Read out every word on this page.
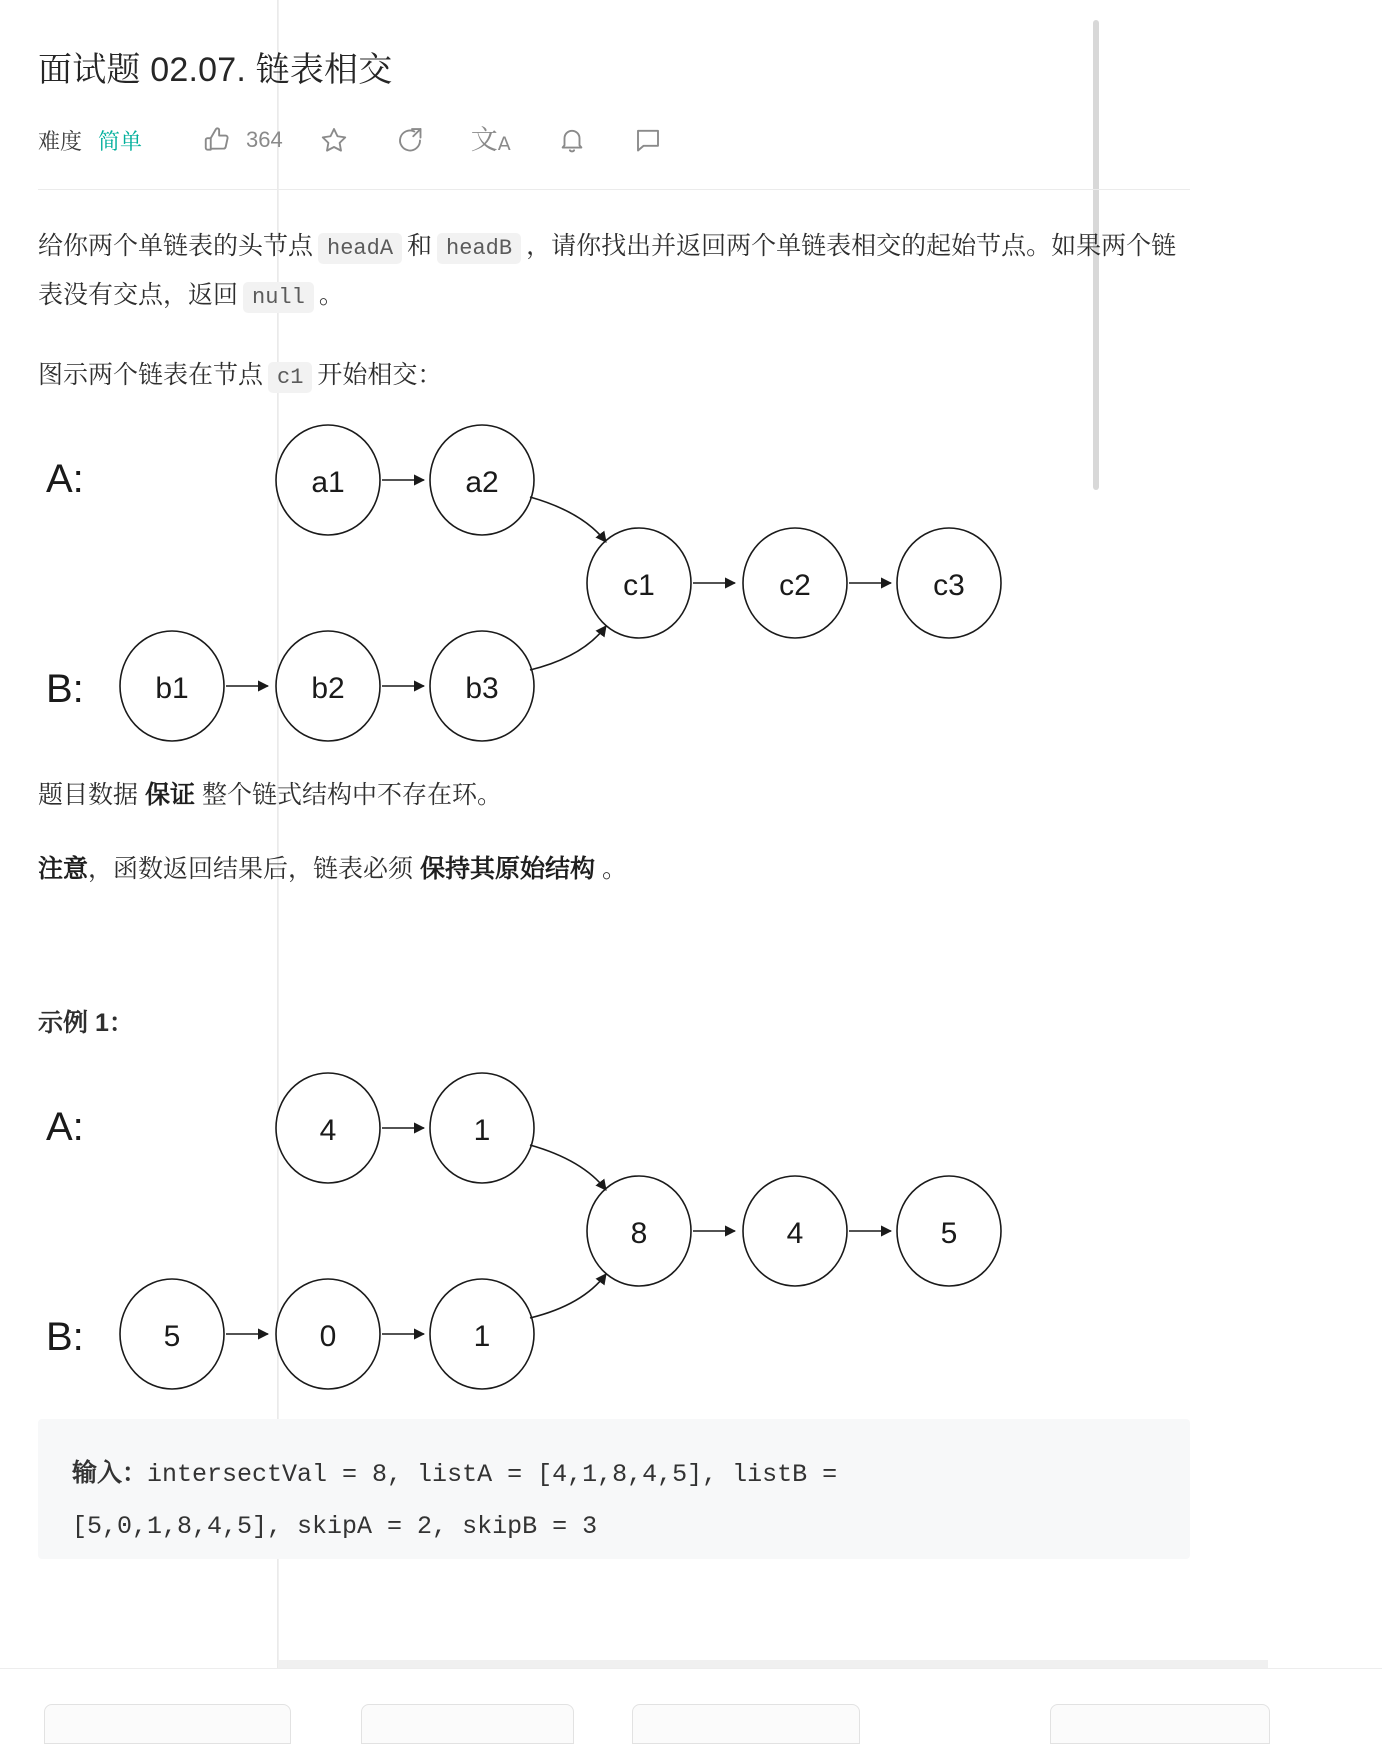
面试题 02.07. 链表相交
难度 简单	364	文 A
给你两个单链表的头节点 headA 和 headB ，请你找出并返回两个单链表相交的起始节点。如果两个链表没有交点，返回 null 。
图示两个链表在节点 c1 开始相交：
A:
B:
a1	a2
b1	b2	b3
c1	c2	c3
题目数据 保证 整个链式结构中不存在环。
注意，函数返回结果后，链表必须 保持其原始结构 。
示例 1：
A:
B:
4	1
5	0	1
8	4	5
输入：intersectVal = 8, listA = [4,1,8,4,5], listB =
[5,0,1,8,4,5], skipA = 2, skipB = 3
